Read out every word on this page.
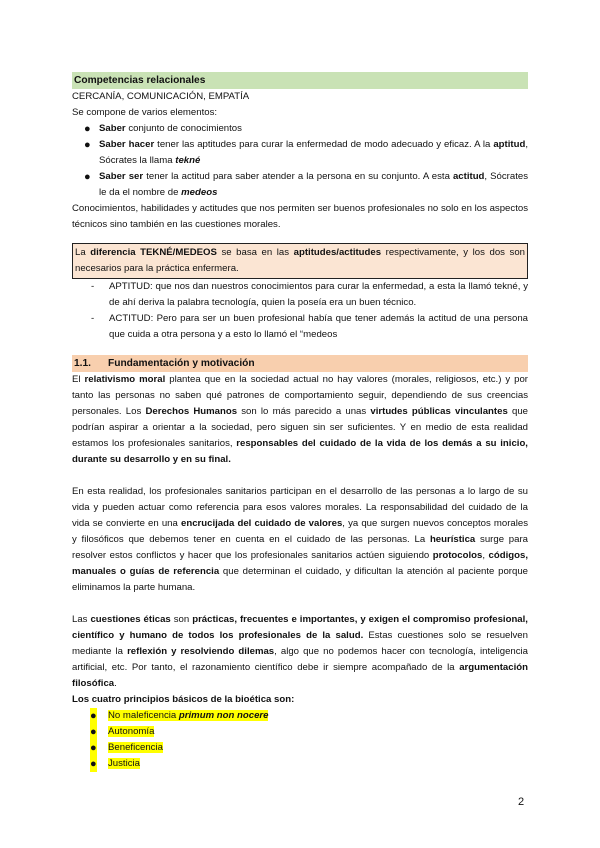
Competencias relacionales
CERCANÍA, COMUNICACIÓN, EMPATÍA
Se compone de varios elementos:
● Saber conjunto de conocimientos
● Saber hacer tener las aptitudes para curar la enfermedad de modo adecuado y eficaz. A la aptitud, Sócrates la llama tekné
● Saber ser tener la actitud para saber atender a la persona en su conjunto. A esta actitud, Sócrates le da el nombre de medeos
Conocimientos, habilidades y actitudes que nos permiten ser buenos profesionales no solo en los aspectos técnicos sino también en las cuestiones morales.
La diferencia TEKNÉ/MEDEOS se basa en las aptitudes/actitudes respectivamente, y los dos son necesarios para la práctica enfermera.
- APTITUD: que nos dan nuestros conocimientos para curar la enfermedad, a esta la llamó tekné, y de ahí deriva la palabra tecnología, quien la poseía era un buen técnico.
- ACTITUD: Pero para ser un buen profesional había que tener además la actitud de una persona que cuida a otra persona y a esto lo llamó el “medeos
1.1. Fundamentación y motivación
El relativismo moral plantea que en la sociedad actual no hay valores (morales, religiosos, etc.) y por tanto las personas no saben qué patrones de comportamiento seguir, dependiendo de sus creencias personales. Los Derechos Humanos son lo más parecido a unas virtudes públicas vinculantes que podrían aspirar a orientar a la sociedad, pero siguen sin ser suficientes. Y en medio de esta realidad estamos los profesionales sanitarios, responsables del cuidado de la vida de los demás a su inicio, durante su desarrollo y en su final.
En esta realidad, los profesionales sanitarios participan en el desarrollo de las personas a lo largo de su vida y pueden actuar como referencia para esos valores morales. La responsabilidad del cuidado de la vida se convierte en una encrucijada del cuidado de valores, ya que surgen nuevos conceptos morales y filosóficos que debemos tener en cuenta en el cuidado de las personas. La heurística surge para resolver estos conflictos y hacer que los profesionales sanitarios actúen siguiendo protocolos, códigos, manuales o guías de referencia que determinan el cuidado, y dificultan la atención al paciente porque eliminamos la parte humana.
Las cuestiones éticas son prácticas, frecuentes e importantes, y exigen el compromiso profesional, científico y humano de todos los profesionales de la salud. Estas cuestiones solo se resuelven mediante la reflexión y resolviendo dilemas, algo que no podemos hacer con tecnología, inteligencia artificial, etc. Por tanto, el razonamiento científico debe ir siempre acompañado de la argumentación filosófica.
Los cuatro principios básicos de la bioética son:
● No maleficencia primum non nocere
● Autonomía
● Beneficencia
● Justicia
2
